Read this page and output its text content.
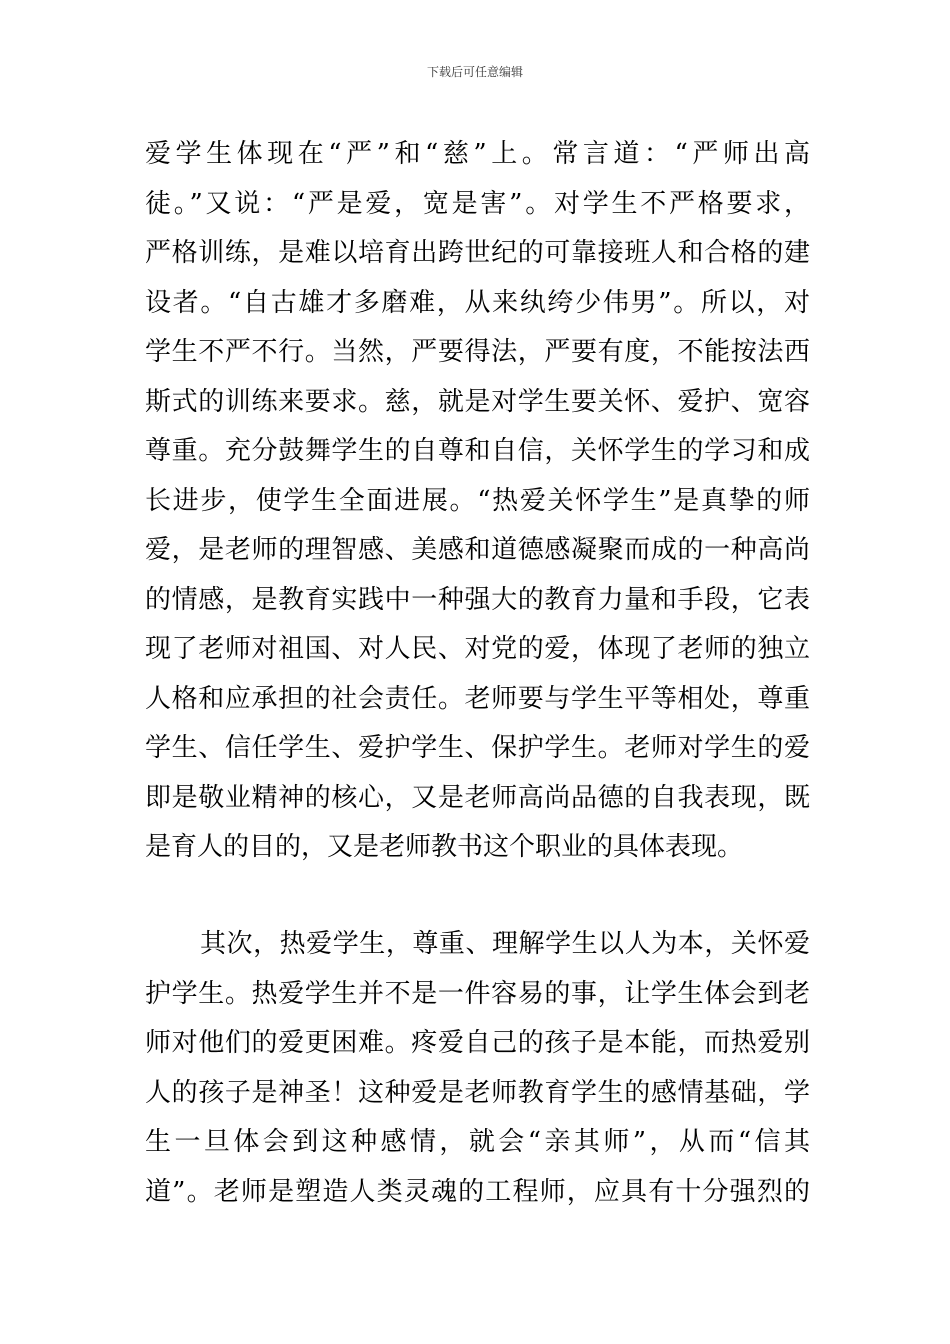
下载后可任意编辑
爱学生体现在“严”和“慈”上。常言道：“严师出高
徒。”又说：“严是爱，宽是害”。对学生不严格要求，
严格训练，是难以培育出跨世纪的可靠接班人和合格的建
设者。“自古雄才多磨难，从来纨绔少伟男”。所以，对
学生不严不行。当然，严要得法，严要有度，不能按法西
斯式的训练来要求。慈，就是对学生要关怀、爱护、宽容
尊重。充分鼓舞学生的自尊和自信，关怀学生的学习和成
长进步，使学生全面进展。“热爱关怀学生”是真挚的师
爱，是老师的理智感、美感和道德感凝聚而成的一种高尚
的情感，是教育实践中一种强大的教育力量和手段，它表
现了老师对祖国、对人民、对党的爱，体现了老师的独立
人格和应承担的社会责任。老师要与学生平等相处，尊重
学生、信任学生、爱护学生、保护学生。老师对学生的爱
即是敬业精神的核心，又是老师高尚品德的自我表现，既
是育人的目的，又是老师教书这个职业的具体表现。
其次，热爱学生，尊重、理解学生以人为本，关怀爱
护学生。热爱学生并不是一件容易的事，让学生体会到老
师对他们的爱更困难。疼爱自己的孩子是本能，而热爱别
人的孩子是神圣！这种爱是老师教育学生的感情基础，学
生一旦体会到这种感情，就会“亲其师”，从而“信其
道”。老师是塑造人类灵魂的工程师，应具有十分强烈的
